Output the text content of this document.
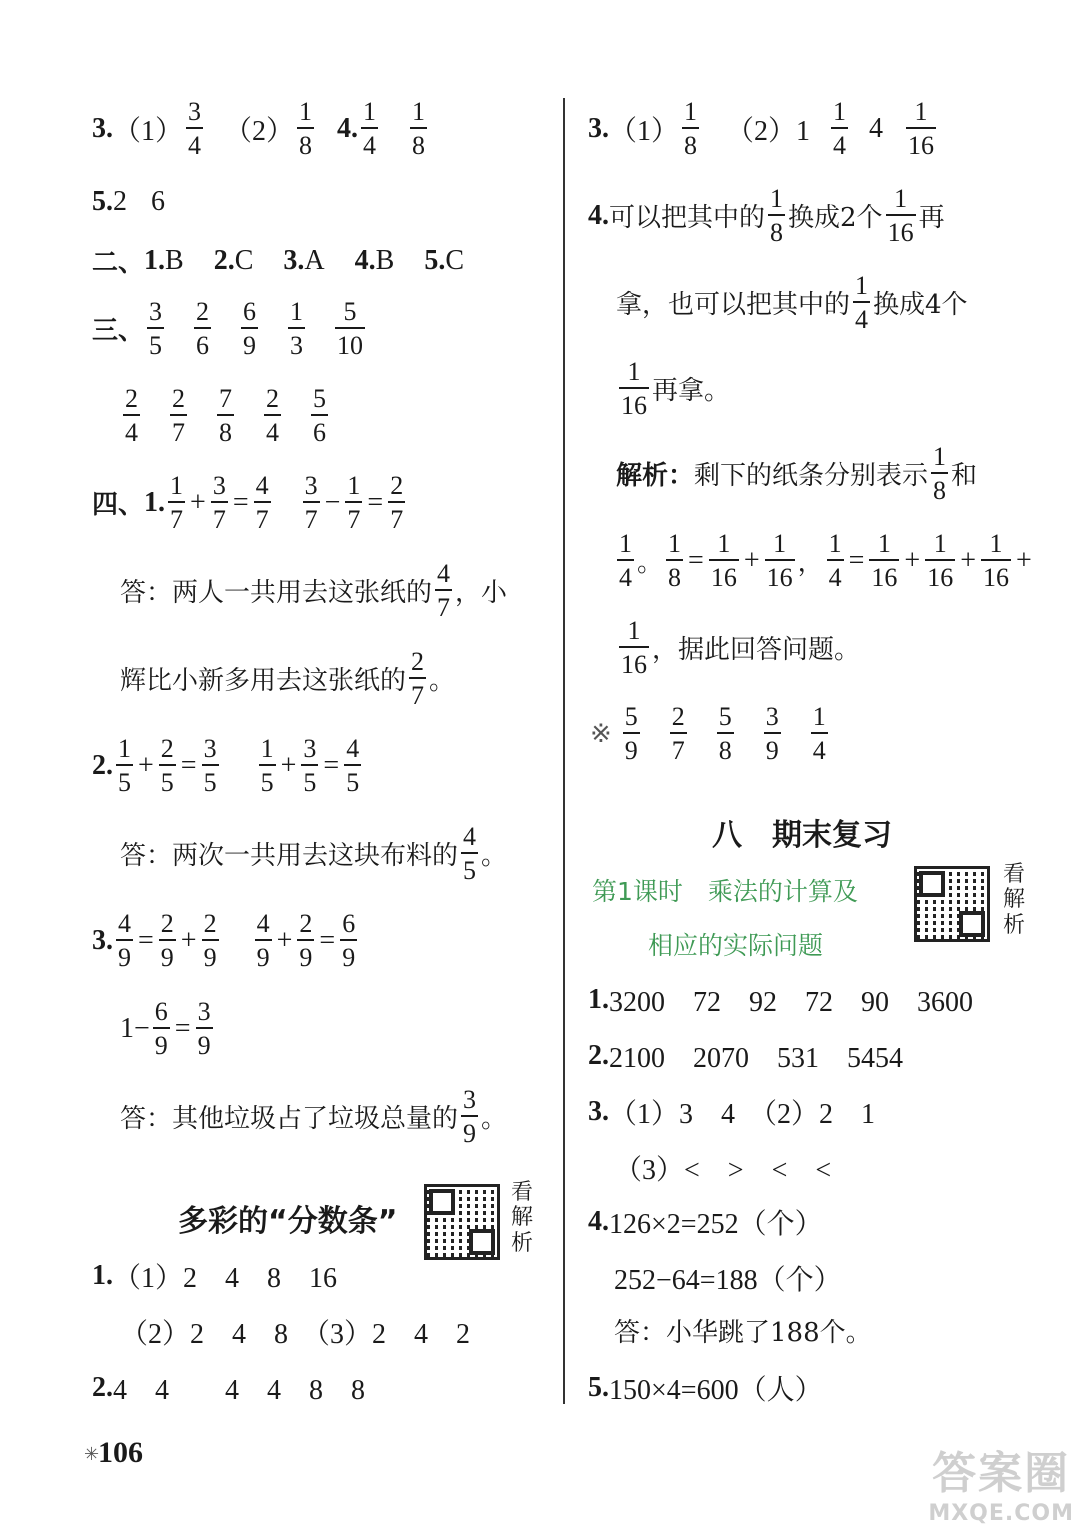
3. $(1) \frac{3}{4} (2) \frac{1}{8} 4$. $\frac{1}{4} \frac{1}{8}$
5. 2 6
二、 1. B 2. C 3. A 4. B 5. C
三、 $\frac{3}{5} \frac{2}{6} \frac{6}{9} \frac{1}{3} \frac{5}{10}$
$\frac{2}{4} \frac{2}{7} \frac{7}{8} \frac{2}{4} \frac{5}{6}$
四、 1. $\frac{1}{7} + \frac{3}{7} = \frac{4}{7} \frac{3}{7} - \frac{1}{7} = \frac{2}{7}$
答：两人一共用去这张纸的 $\frac{4}{7}$ ，小
辉比小新多用去这张纸的 $\frac{2}{7}$ 。
2. $\frac{1}{5} + \frac{2}{5} = \frac{3}{5} \frac{1}{5} + \frac{3}{5} = \frac{4}{5}$
答：两次一共用去这块布料的 $\frac{4}{5}$ 。
3. $\frac{4}{9} = \frac{2}{9} + \frac{2}{9} \frac{4}{9} + \frac{2}{9} = \frac{6}{9}$
$1- \frac{6}{9} = \frac{3}{9}$
答：其他垃圾占了垃圾总量的 $\frac{3}{9}$ 。
多彩的“分数条”
看
解
析
1. （1）2　4　8　16
（2）2　4　8　（3）2　4　2
2. 4　4　　4　4　8　8
3. $(1) \frac{1}{8} (2)1 \frac{1}{4} 4 \frac{1}{16}$
4. 可以把其中的 $\frac{1}{8}$ 换成2个 $\frac{1}{16}$ 再
拿，也可以把其中的 $\frac{1}{4}$ 换成4个
$\frac{1}{16}$ 再拿。
解析： 剩下的纸条分别表示 $\frac{1}{8}$ 和
$\frac{1}{4}$ 。 $\frac{1}{8} = \frac{1}{16} + \frac{1}{16}$ ， $\frac{1}{4} = \frac{1}{16} + \frac{1}{16} + \frac{1}{16}$ +
$\frac{1}{16}$ ，据此回答问题。
※ $\frac{5}{9} \frac{2}{7} \frac{5}{8} \frac{3}{9} \frac{1}{4}$
八　期末复习
第1课时　乘法的计算及
相应的实际问题
看
解
析
1. 3200　72　92　72　90　3600
2. 2100　2070　531　5454
3. （1）3　4　（2）2　1
（3）<　>　<　<
4. 126×2=252（个）
252−64=188（个）
答：小华跳了188个。
5. 150×4=600（人）
✳
106	答案圈
MXQE.COM
